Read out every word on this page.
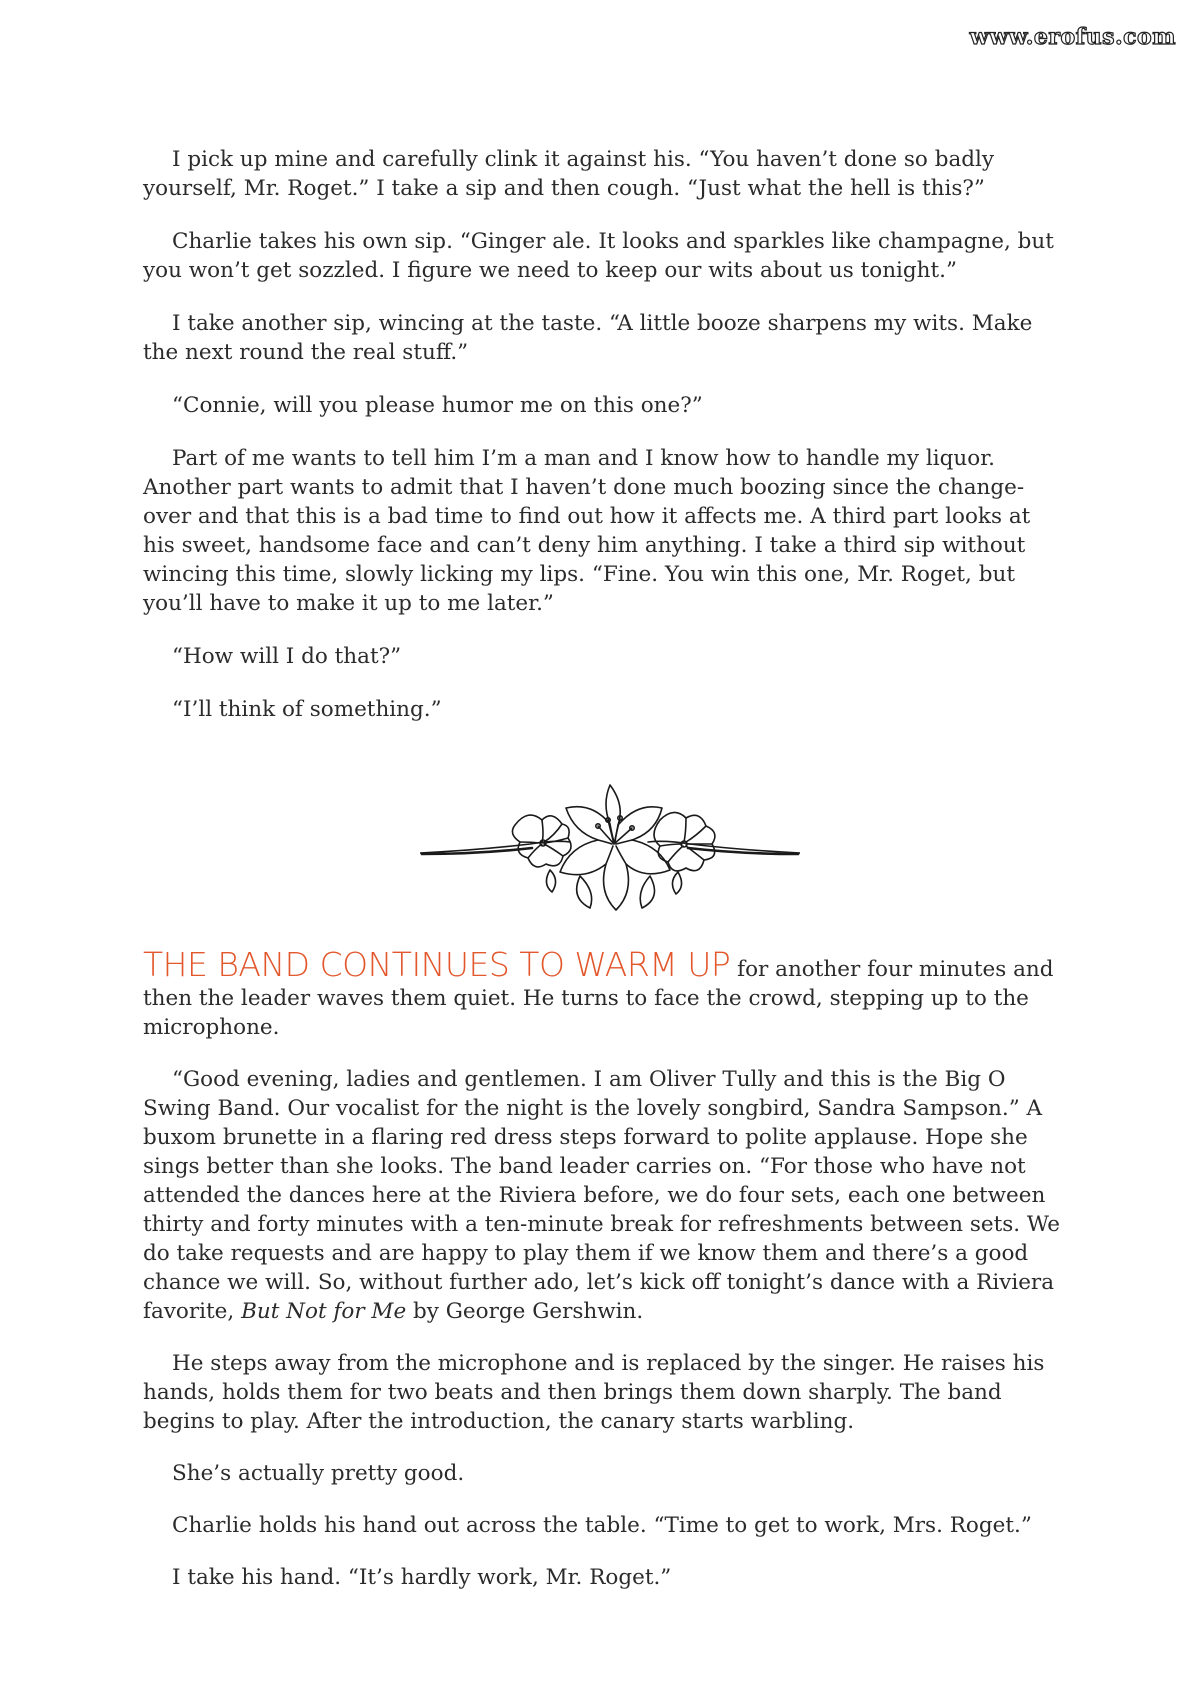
www.erofus.com

I pick up mine and carefully clink it against his. “You haven’t done so badly yourself, Mr. Roget.” I take a sip and then cough. “Just what the hell is this?”

Charlie takes his own sip. “Ginger ale. It looks and sparkles like champagne, but you won’t get sozzled. I figure we need to keep our wits about us tonight.”

I take another sip, wincing at the taste. “A little booze sharpens my wits. Make the next round the real stuff.”

“Connie, will you please humor me on this one?”

Part of me wants to tell him I’m a man and I know how to handle my liquor. Another part wants to admit that I haven’t done much boozing since the change-over and that this is a bad time to find out how it affects me. A third part looks at his sweet, handsome face and can’t deny him anything. I take a third sip without wincing this time, slowly licking my lips. “Fine. You win this one, Mr. Roget, but you’ll have to make it up to me later.”

“How will I do that?”

“I’ll think of something.”

THE BAND CONTINUES TO WARM UP for another four minutes and then the leader waves them quiet. He turns to face the crowd, stepping up to the microphone.

“Good evening, ladies and gentlemen. I am Oliver Tully and this is the Big O Swing Band. Our vocalist for the night is the lovely songbird, Sandra Sampson.” A buxom brunette in a flaring red dress steps forward to polite applause. Hope she sings better than she looks. The band leader carries on. “For those who have not attended the dances here at the Riviera before, we do four sets, each one between thirty and forty minutes with a ten-minute break for refreshments between sets. We do take requests and are happy to play them if we know them and there’s a good chance we will. So, without further ado, let’s kick off tonight’s dance with a Riviera favorite, But Not for Me by George Gershwin.

He steps away from the microphone and is replaced by the singer. He raises his hands, holds them for two beats and then brings them down sharply. The band begins to play. After the introduction, the canary starts warbling.

She’s actually pretty good.

Charlie holds his hand out across the table. “Time to get to work, Mrs. Roget.”

I take his hand. “It’s hardly work, Mr. Roget.”
